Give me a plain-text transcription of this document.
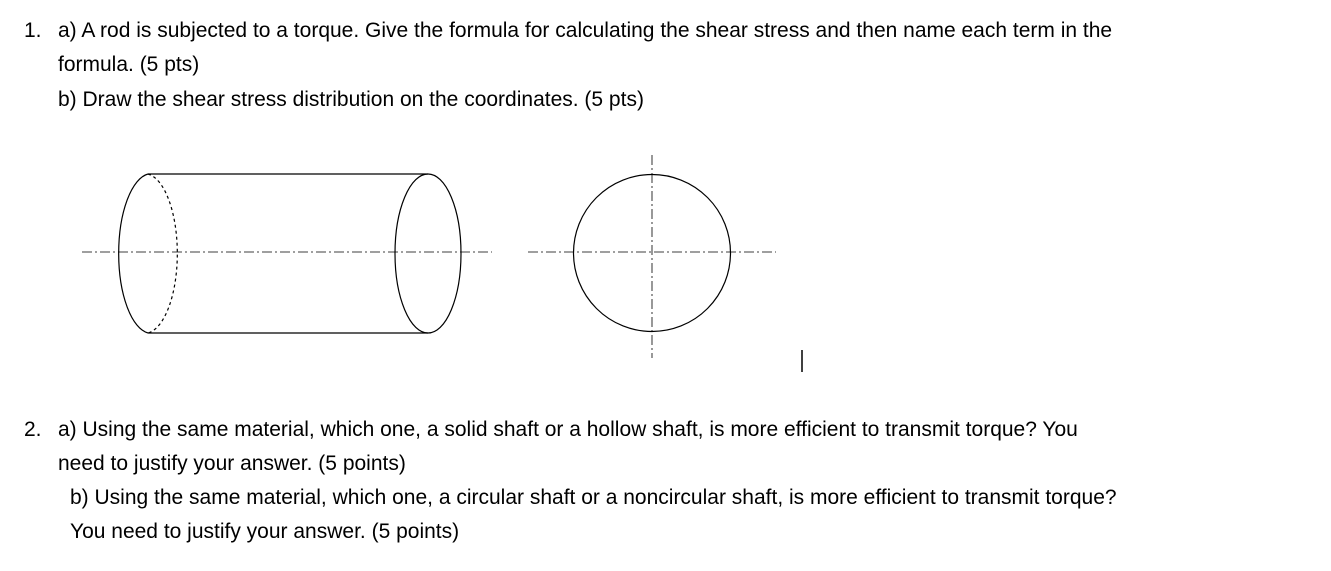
1. a) A rod is subjected to a torque. Give the formula for calculating the shear stress and then name each term in the
formula. (5 pts)
b) Draw the shear stress distribution on the coordinates. (5 pts)
2. a) Using the same material, which one, a solid shaft or a hollow shaft, is more efficient to transmit torque? You
need to justify your answer. (5 points)
b) Using the same material, which one, a circular shaft or a noncircular shaft, is more efficient to transmit torque?
You need to justify your answer. (5 points)
